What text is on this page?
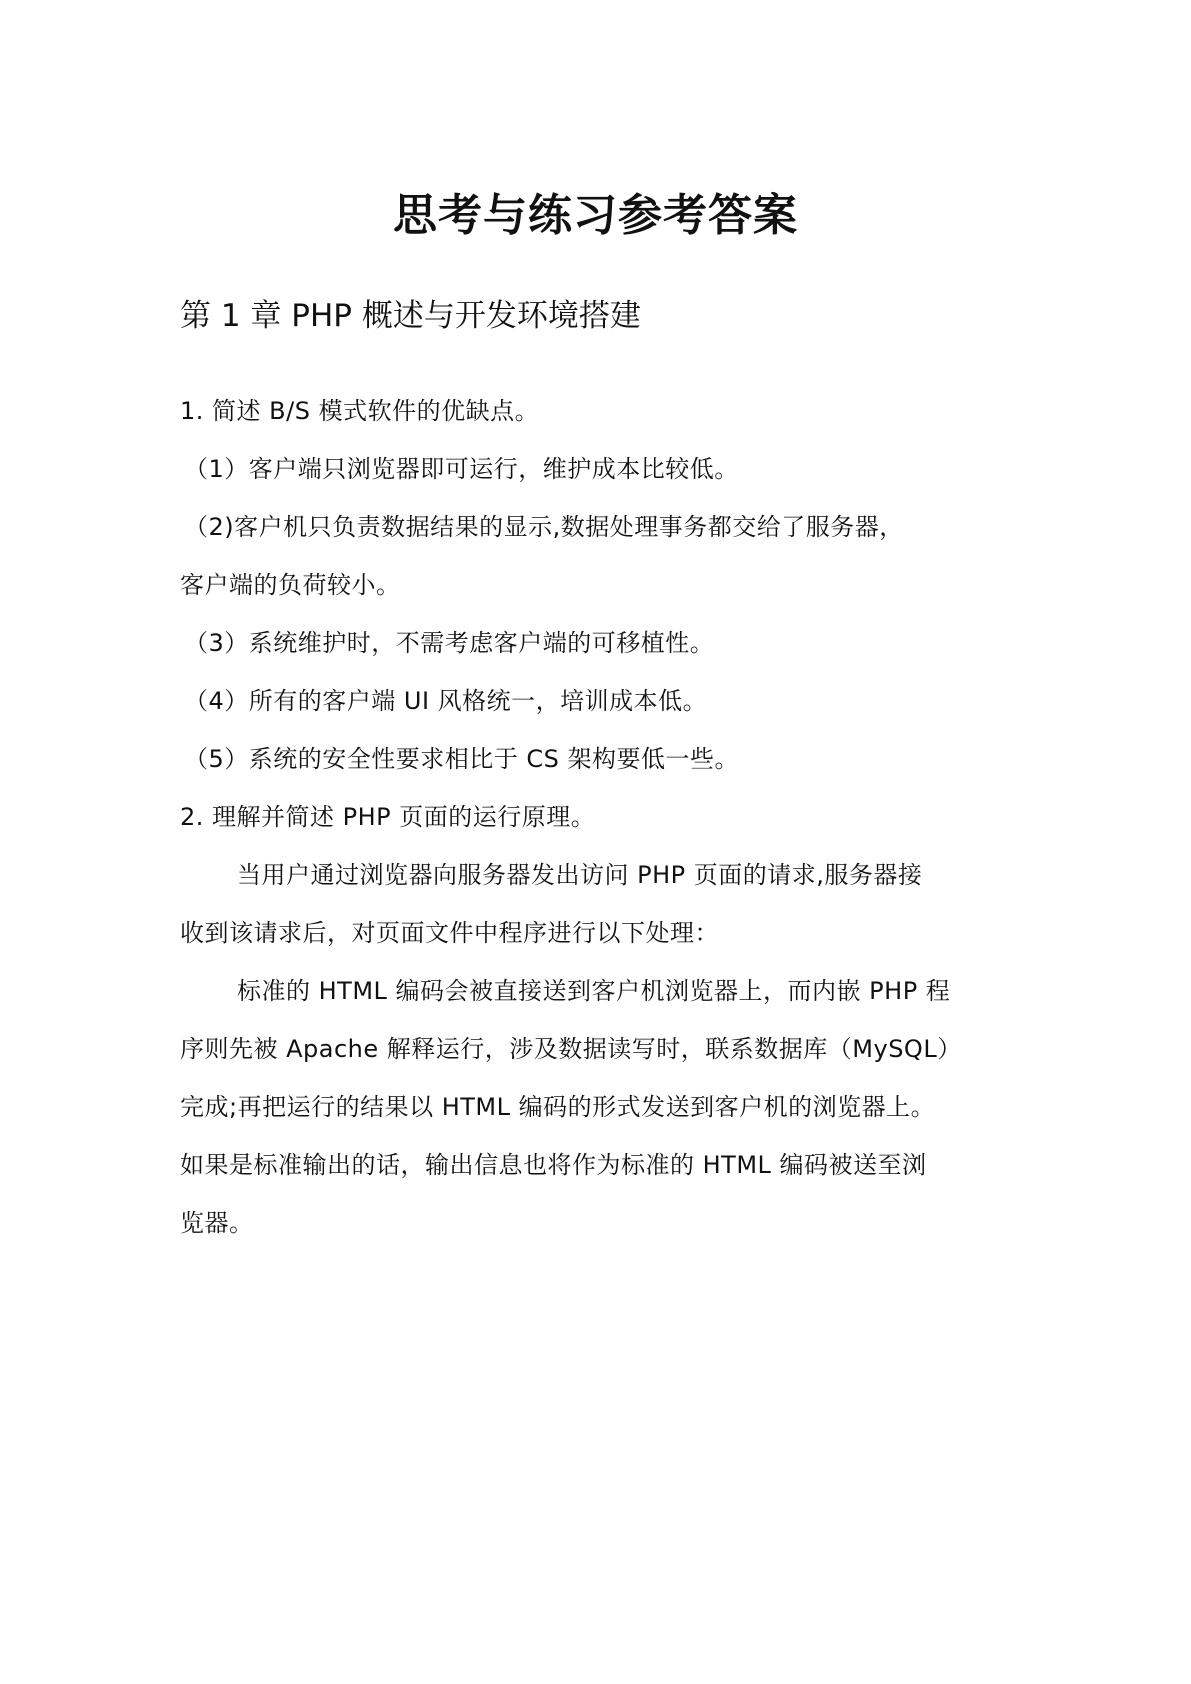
思考与练习参考答案
第 1 章 PHP 概述与开发环境搭建
1. 简述 B/S 模式软件的优缺点。
（1）客户端只浏览器即可运行，维护成本比较低。
（2)客户机只负责数据结果的显示,数据处理事务都交给了服务器，
客户端的负荷较小。
（3）系统维护时，不需考虑客户端的可移植性。
（4）所有的客户端 UI 风格统一，培训成本低。
（5）系统的安全性要求相比于 CS 架构要低一些。
2. 理解并简述 PHP 页面的运行原理。
当用户通过浏览器向服务器发出访问 PHP 页面的请求,服务器接
收到该请求后，对页面文件中程序进行以下处理：
标准的 HTML 编码会被直接送到客户机浏览器上，而内嵌 PHP 程
序则先被 Apache 解释运行，涉及数据读写时，联系数据库（MySQL）
完成;再把运行的结果以 HTML 编码的形式发送到客户机的浏览器上。
如果是标准输出的话，输出信息也将作为标准的 HTML 编码被送至浏
览器。
